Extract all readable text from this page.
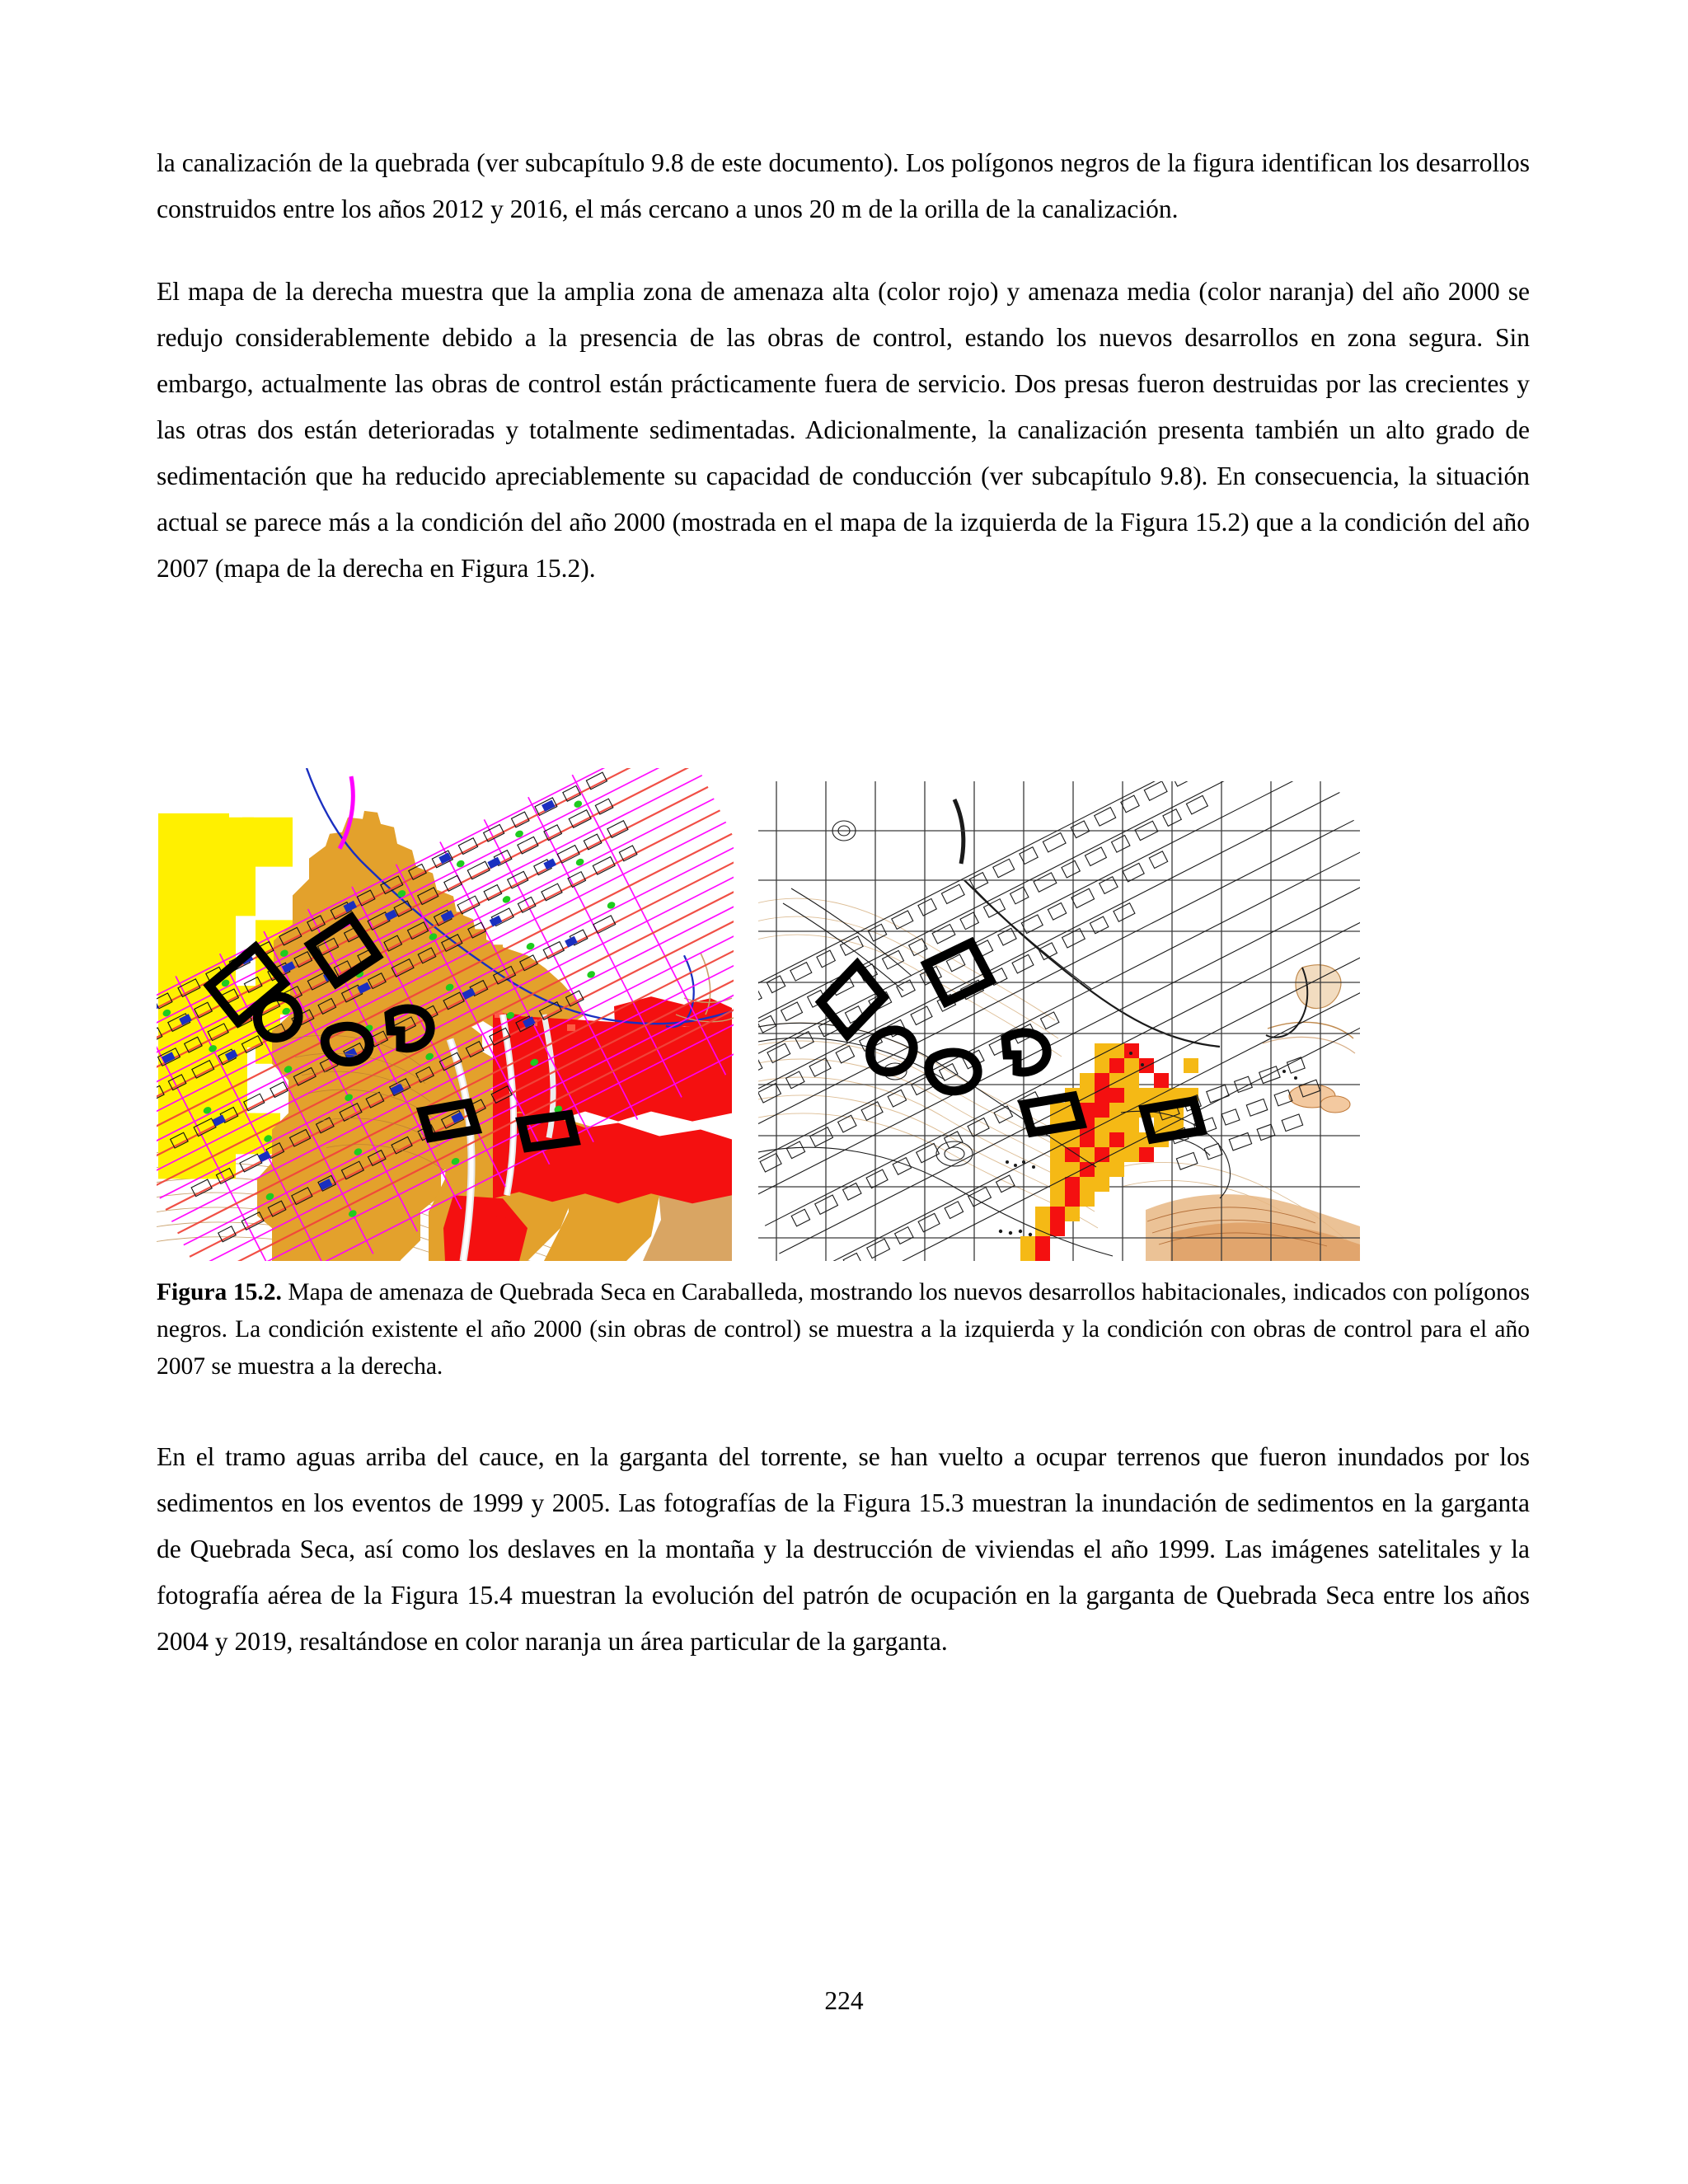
la canalización de la quebrada (ver subcapítulo 9.8 de este documento). Los polígonos negros de la figura identifican los desarrollos construidos entre los años 2012 y 2016, el más cercano a unos 20 m de la orilla de la canalización.

El mapa de la derecha muestra que la amplia zona de amenaza alta (color rojo) y amenaza media (color naranja) del año 2000 se redujo considerablemente debido a la presencia de las obras de control, estando los nuevos desarrollos en zona segura. Sin embargo, actualmente las obras de control están prácticamente fuera de servicio. Dos presas fueron destruidas por las crecientes y las otras dos están deterioradas y totalmente sedimentadas. Adicionalmente, la canalización presenta también un alto grado de sedimentación que ha reducido apreciablemente su capacidad de conducción (ver subcapítulo 9.8). En consecuencia, la situación actual se parece más a la condición del año 2000 (mostrada en el mapa de la izquierda de la Figura 15.2) que a la condición del año 2007 (mapa de la derecha en Figura 15.2).

Figura 15.2. Mapa de amenaza de Quebrada Seca en Caraballeda, mostrando los nuevos desarrollos habitacionales, indicados con polígonos negros. La condición existente el año 2000 (sin obras de control) se muestra a la izquierda y la condición con obras de control para el año 2007 se muestra a la derecha.

En el tramo aguas arriba del cauce, en la garganta del torrente, se han vuelto a ocupar terrenos que fueron inundados por los sedimentos en los eventos de 1999 y 2005. Las fotografías de la Figura 15.3 muestran la inundación de sedimentos en la garganta de Quebrada Seca, así como los deslaves en la montaña y la destrucción de viviendas el año 1999. Las imágenes satelitales y la fotografía aérea de la Figura 15.4 muestran la evolución del patrón de ocupación en la garganta de Quebrada Seca entre los años 2004 y 2019, resaltándose en color naranja un área particular de la garganta.

224
